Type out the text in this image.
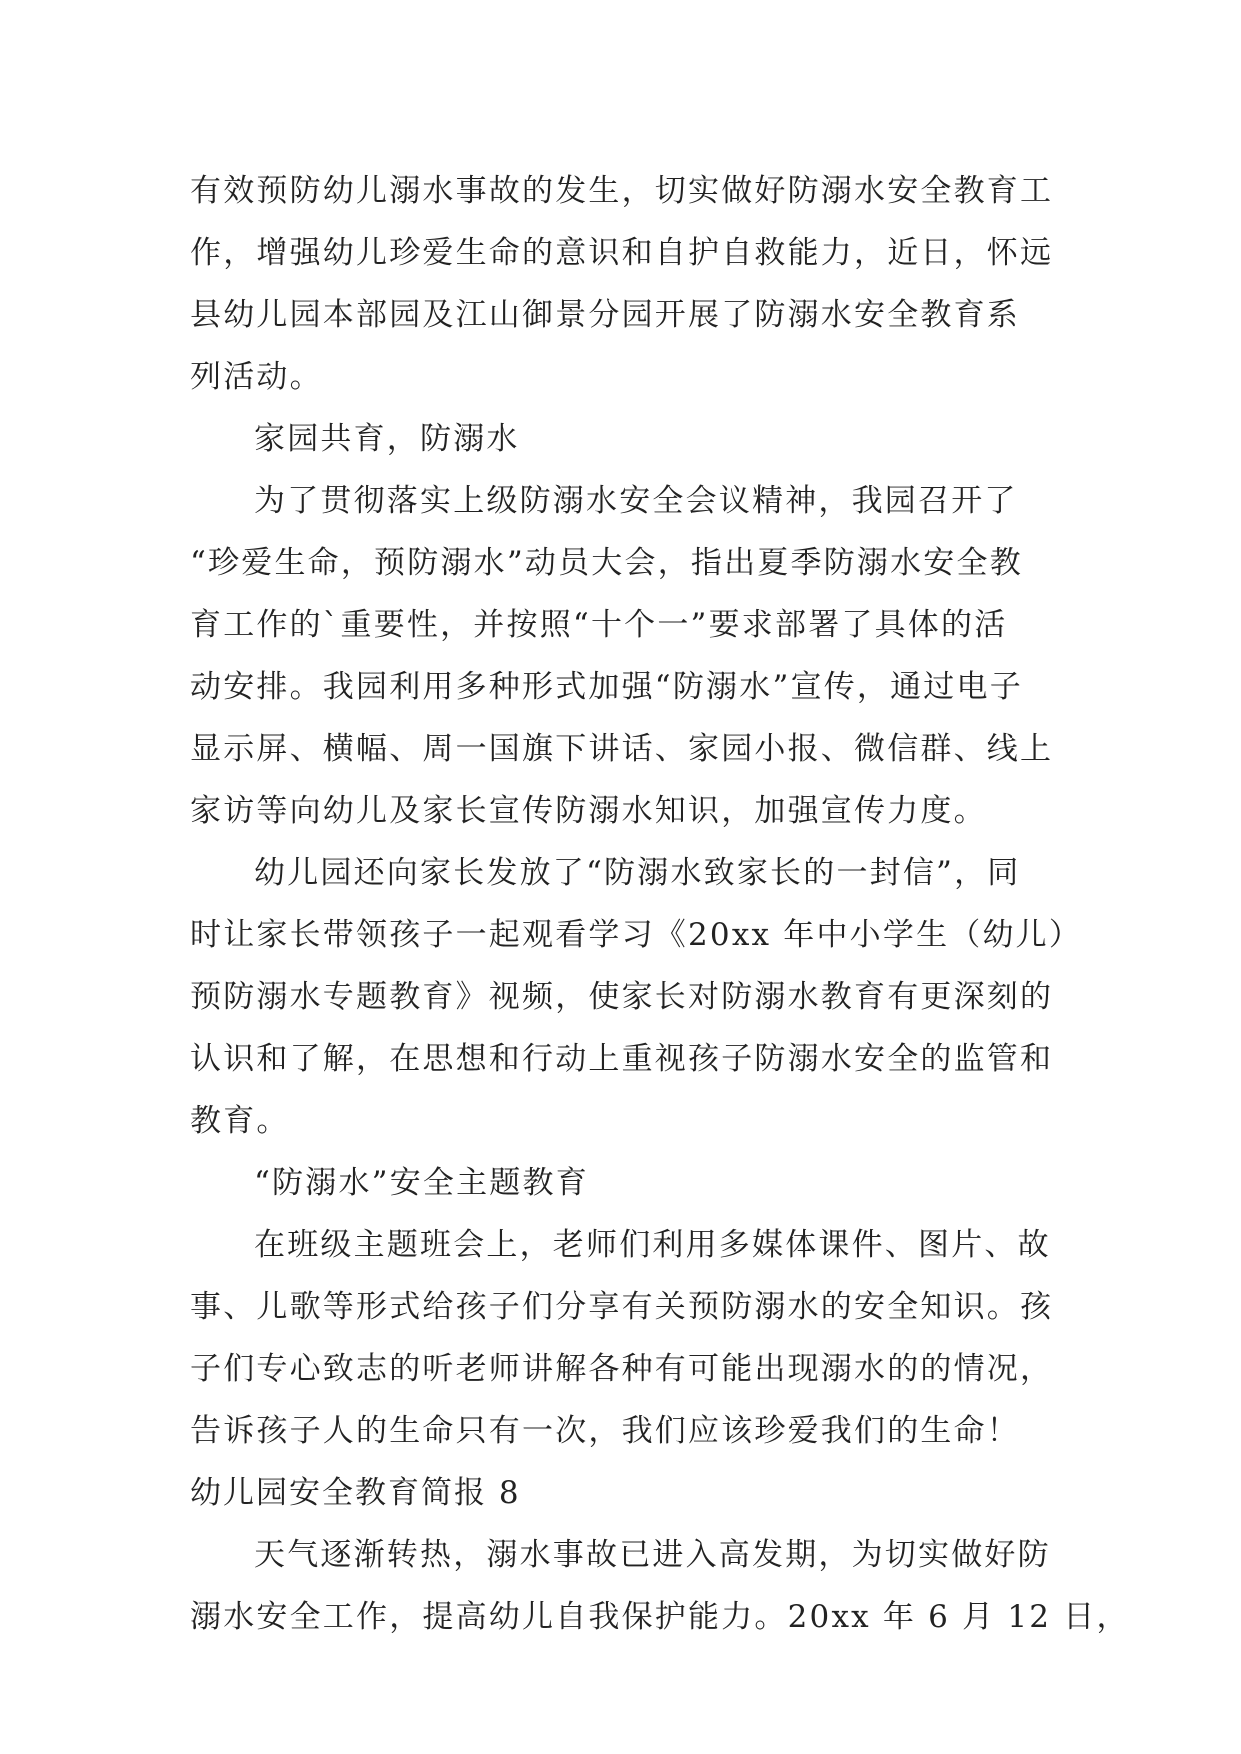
有效预防幼儿溺水事故的发生，切实做好防溺水安全教育工
作，增强幼儿珍爱生命的意识和自护自救能力，近日，怀远
县幼儿园本部园及江山御景分园开展了防溺水安全教育系
列活动。
家园共育，防溺水
为了贯彻落实上级防溺水安全会议精神，我园召开了
“珍爱生命，预防溺水”动员大会，指出夏季防溺水安全教
育工作的`重要性，并按照“十个一”要求部署了具体的活
动安排。我园利用多种形式加强“防溺水”宣传，通过电子
显示屏、横幅、周一国旗下讲话、家园小报、微信群、线上
家访等向幼儿及家长宣传防溺水知识，加强宣传力度。
幼儿园还向家长发放了“防溺水致家长的一封信”，同
时让家长带领孩子一起观看学习《20xx 年中小学生（幼儿）
预防溺水专题教育》视频，使家长对防溺水教育有更深刻的
认识和了解，在思想和行动上重视孩子防溺水安全的监管和
教育。
“防溺水”安全主题教育
在班级主题班会上，老师们利用多媒体课件、图片、故
事、儿歌等形式给孩子们分享有关预防溺水的安全知识。孩
子们专心致志的听老师讲解各种有可能出现溺水的的情况，
告诉孩子人的生命只有一次，我们应该珍爱我们的生命！
幼儿园安全教育简报 8
天气逐渐转热，溺水事故已进入高发期，为切实做好防
溺水安全工作，提高幼儿自我保护能力。20xx 年 6 月 12 日，
